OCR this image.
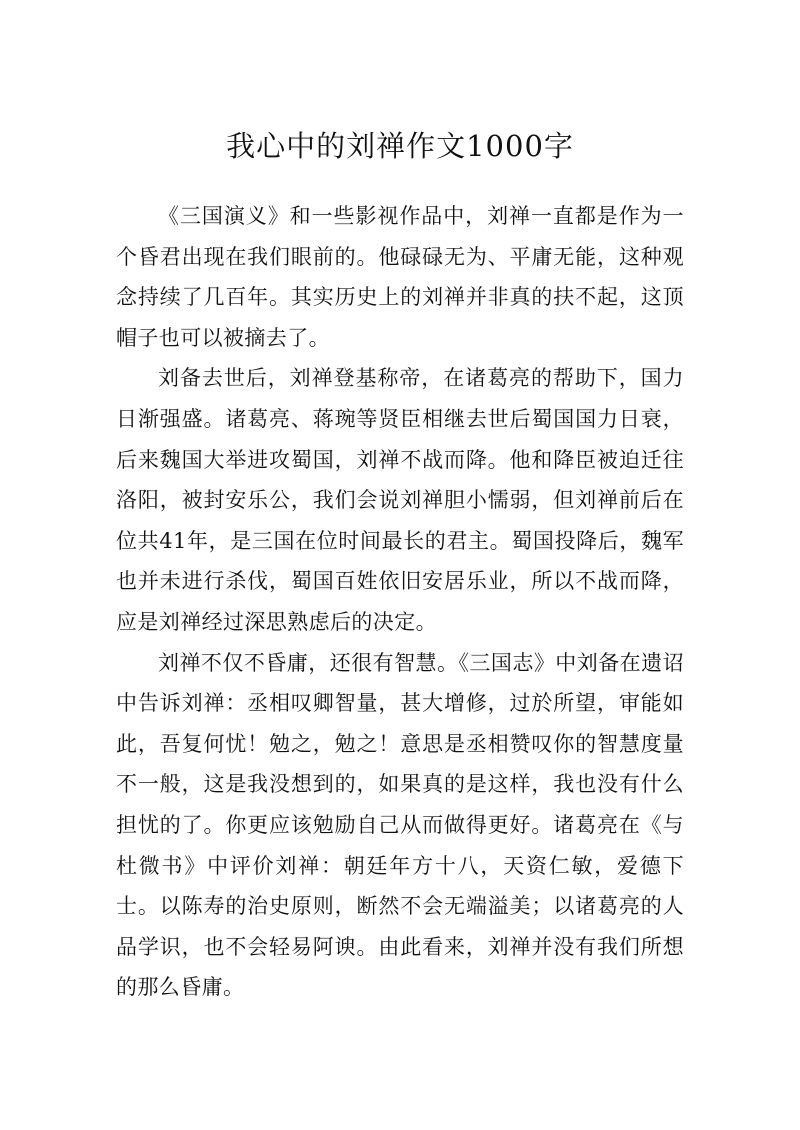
我心中的刘禅作文1000字

《三国演义》和一些影视作品中，刘禅一直都是作为一个昏君出现在我们眼前的。他碌碌无为、平庸无能，这种观念持续了几百年。其实历史上的刘禅并非真的扶不起，这顶帽子也可以被摘去了。

刘备去世后，刘禅登基称帝，在诸葛亮的帮助下，国力日渐强盛。诸葛亮、蒋琬等贤臣相继去世后蜀国国力日衰，后来魏国大举进攻蜀国，刘禅不战而降。他和降臣被迫迁往洛阳，被封安乐公，我们会说刘禅胆小懦弱，但刘禅前后在位共41年，是三国在位时间最长的君主。蜀国投降后，魏军也并未进行杀伐，蜀国百姓依旧安居乐业，所以不战而降，应是刘禅经过深思熟虑后的决定。

刘禅不仅不昏庸，还很有智慧。《三国志》中刘备在遗诏中告诉刘禅：丞相叹卿智量，甚大增修，过於所望，审能如此，吾复何忧！勉之，勉之！意思是丞相赞叹你的智慧度量不一般，这是我没想到的，如果真的是这样，我也没有什么担忧的了。你更应该勉励自己从而做得更好。诸葛亮在《与杜微书》中评价刘禅：朝廷年方十八，天资仁敏，爱德下士。以陈寿的治史原则，断然不会无端溢美；以诸葛亮的人品学识，也不会轻易阿谀。由此看来，刘禅并没有我们所想的那么昏庸。
